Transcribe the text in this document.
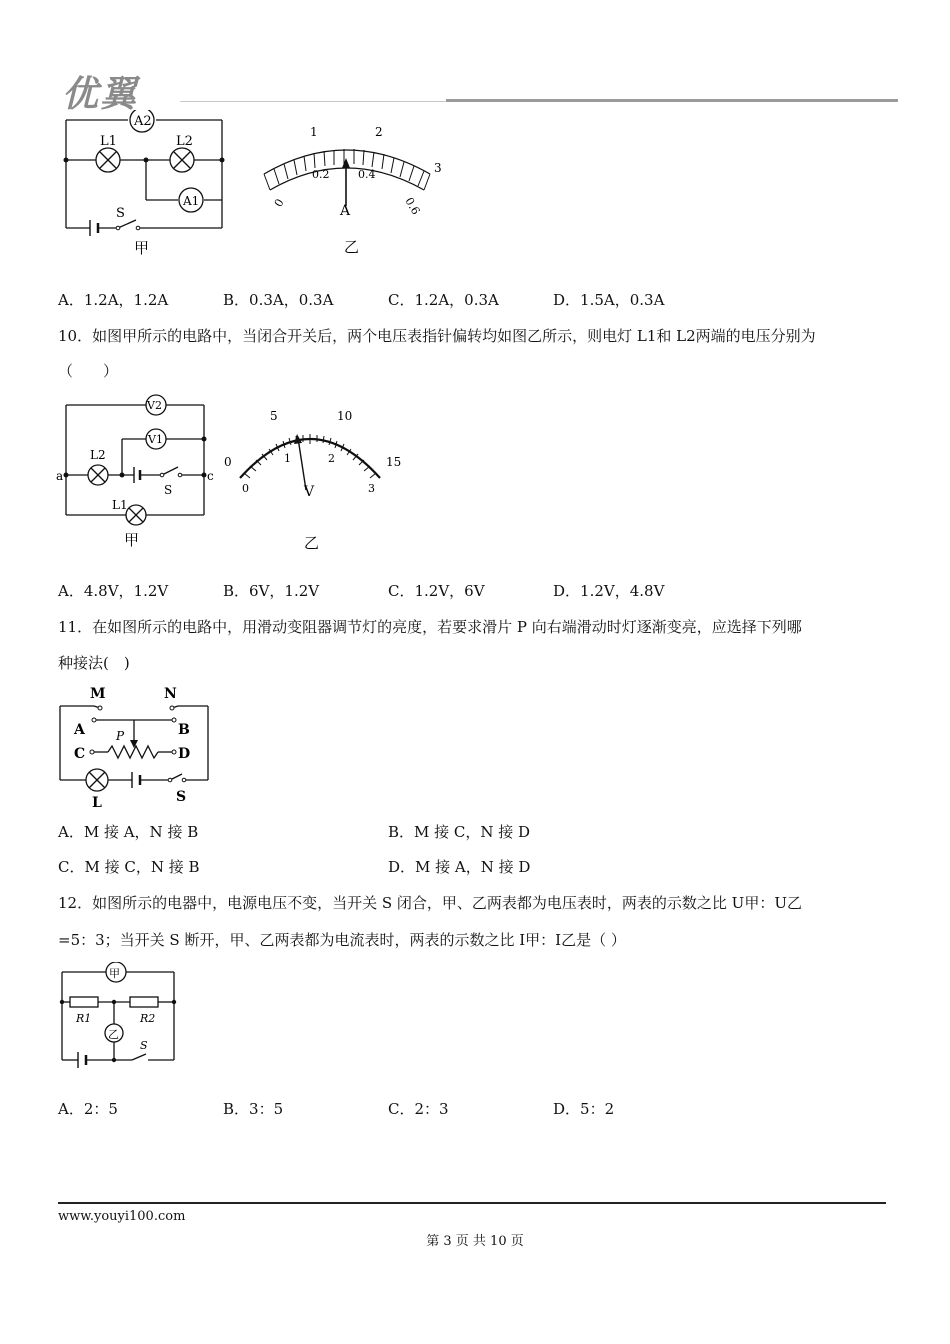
优翼
A2
A1
L1	L2
S
甲
1	2
3
0
0.2	0.4
0.6
A
乙
A．1.2A，1.2A	B．0.3A，0.3A	C．1.2A，0.3A	D．1.5A，0.3A
10．如图甲所示的电路中，当闭合开关后，两个电压表指针偏转均如图乙所示，则电灯 L1和 L2两端的电压分别为
（　　）
V2
V1
L2
L1
S
a	c
甲
0
5	10
15
0
1	2
3
V
乙
A．4.8V，1.2V	B．6V，1.2V	C．1.2V，6V	D．1.2V，4.8V
11．在如图所示的电路中，用滑动变阻器调节灯的亮度，若要求滑片 P 向右端滑动时灯逐渐变亮，应选择下列哪
种接法(　)
M	N
A	B
C	D
P
L	S
A．M 接 A，N 接 B	B．M 接 C，N 接 D
C．M 接 C，N 接 B	D．M 接 A，N 接 D
12．如图所示的电器中，电源电压不变，当开关 S 闭合，甲、乙两表都为电压表时，两表的示数之比 U甲：U乙
=5：3；当开关 S 断开，甲、乙两表都为电流表时，两表的示数之比 I甲：I乙是（ ）
甲
乙
R1	R2
S
A．2：5	B．3：5	C．2：3	D．5：2
www.youyi100.com
第 3 页 共 10 页
